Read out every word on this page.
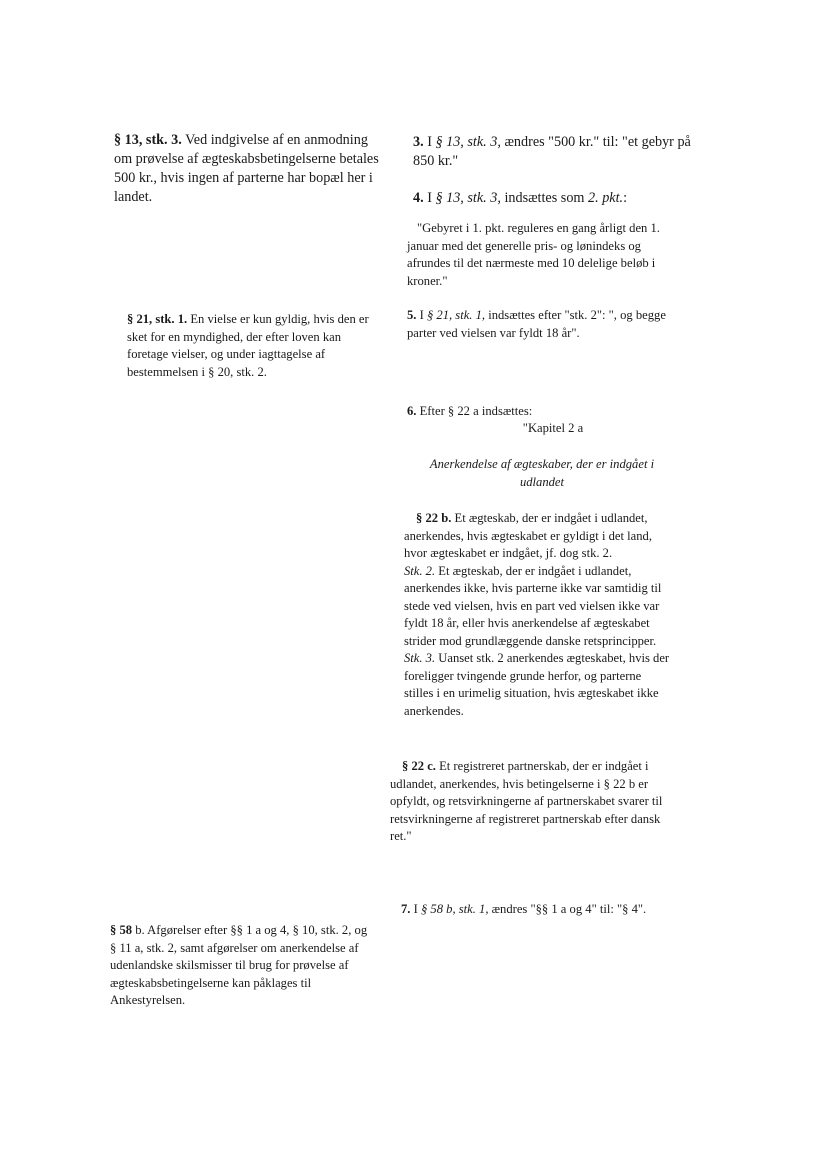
§ 13, stk. 3. Ved indgivelse af en anmodning om prøvelse af ægteskabsbetingelserne betales 500 kr., hvis ingen af parterne har bopæl her i landet.

§ 21, stk. 1. En vielse er kun gyldig, hvis den er sket for en myndighed, der efter loven kan foretage vielser, og under iagttagelse af bestemmelsen i § 20, stk. 2.

§ 58 b. Afgørelser efter §§ 1 a og 4, § 10, stk. 2, og § 11 a, stk. 2, samt afgørelser om anerkendelse af udenlandske skilsmisser til brug for prøvelse af ægteskabsbetingelserne kan påklages til Ankestyrelsen.

3. I § 13, stk. 3, ændres "500 kr." til: "et gebyr på 850 kr."

4. I § 13, stk. 3, indsættes som 2. pkt.:

"Gebyret i 1. pkt. reguleres en gang årligt den 1. januar med det generelle pris- og lønindeks og afrundes til det nærmeste med 10 delelige beløb i kroner."

5. I § 21, stk. 1, indsættes efter "stk. 2": ", og begge parter ved vielsen var fyldt 18 år".

6. Efter § 22 a indsættes:

"Kapitel 2 a

Anerkendelse af ægteskaber, der er indgået i udlandet

§ 22 b. Et ægteskab, der er indgået i udlandet, anerkendes, hvis ægteskabet er gyldigt i det land, hvor ægteskabet er indgået, jf. dog stk. 2.
Stk. 2. Et ægteskab, der er indgået i udlandet, anerkendes ikke, hvis parterne ikke var samtidig til stede ved vielsen, hvis en part ved vielsen ikke var fyldt 18 år, eller hvis anerkendelse af ægteskabet strider mod grundlæggende danske retsprincipper.
Stk. 3. Uanset stk. 2 anerkendes ægteskabet, hvis der foreligger tvingende grunde herfor, og parterne stilles i en urimelig situation, hvis ægteskabet ikke anerkendes.

§ 22 c. Et registreret partnerskab, der er indgået i udlandet, anerkendes, hvis betingelserne i § 22 b er opfyldt, og retsvirkningerne af partnerskabet svarer til retsvirkningerne af registreret partnerskab efter dansk ret."

7. I § 58 b, stk. 1, ændres "§§ 1 a og 4" til: "§ 4".
